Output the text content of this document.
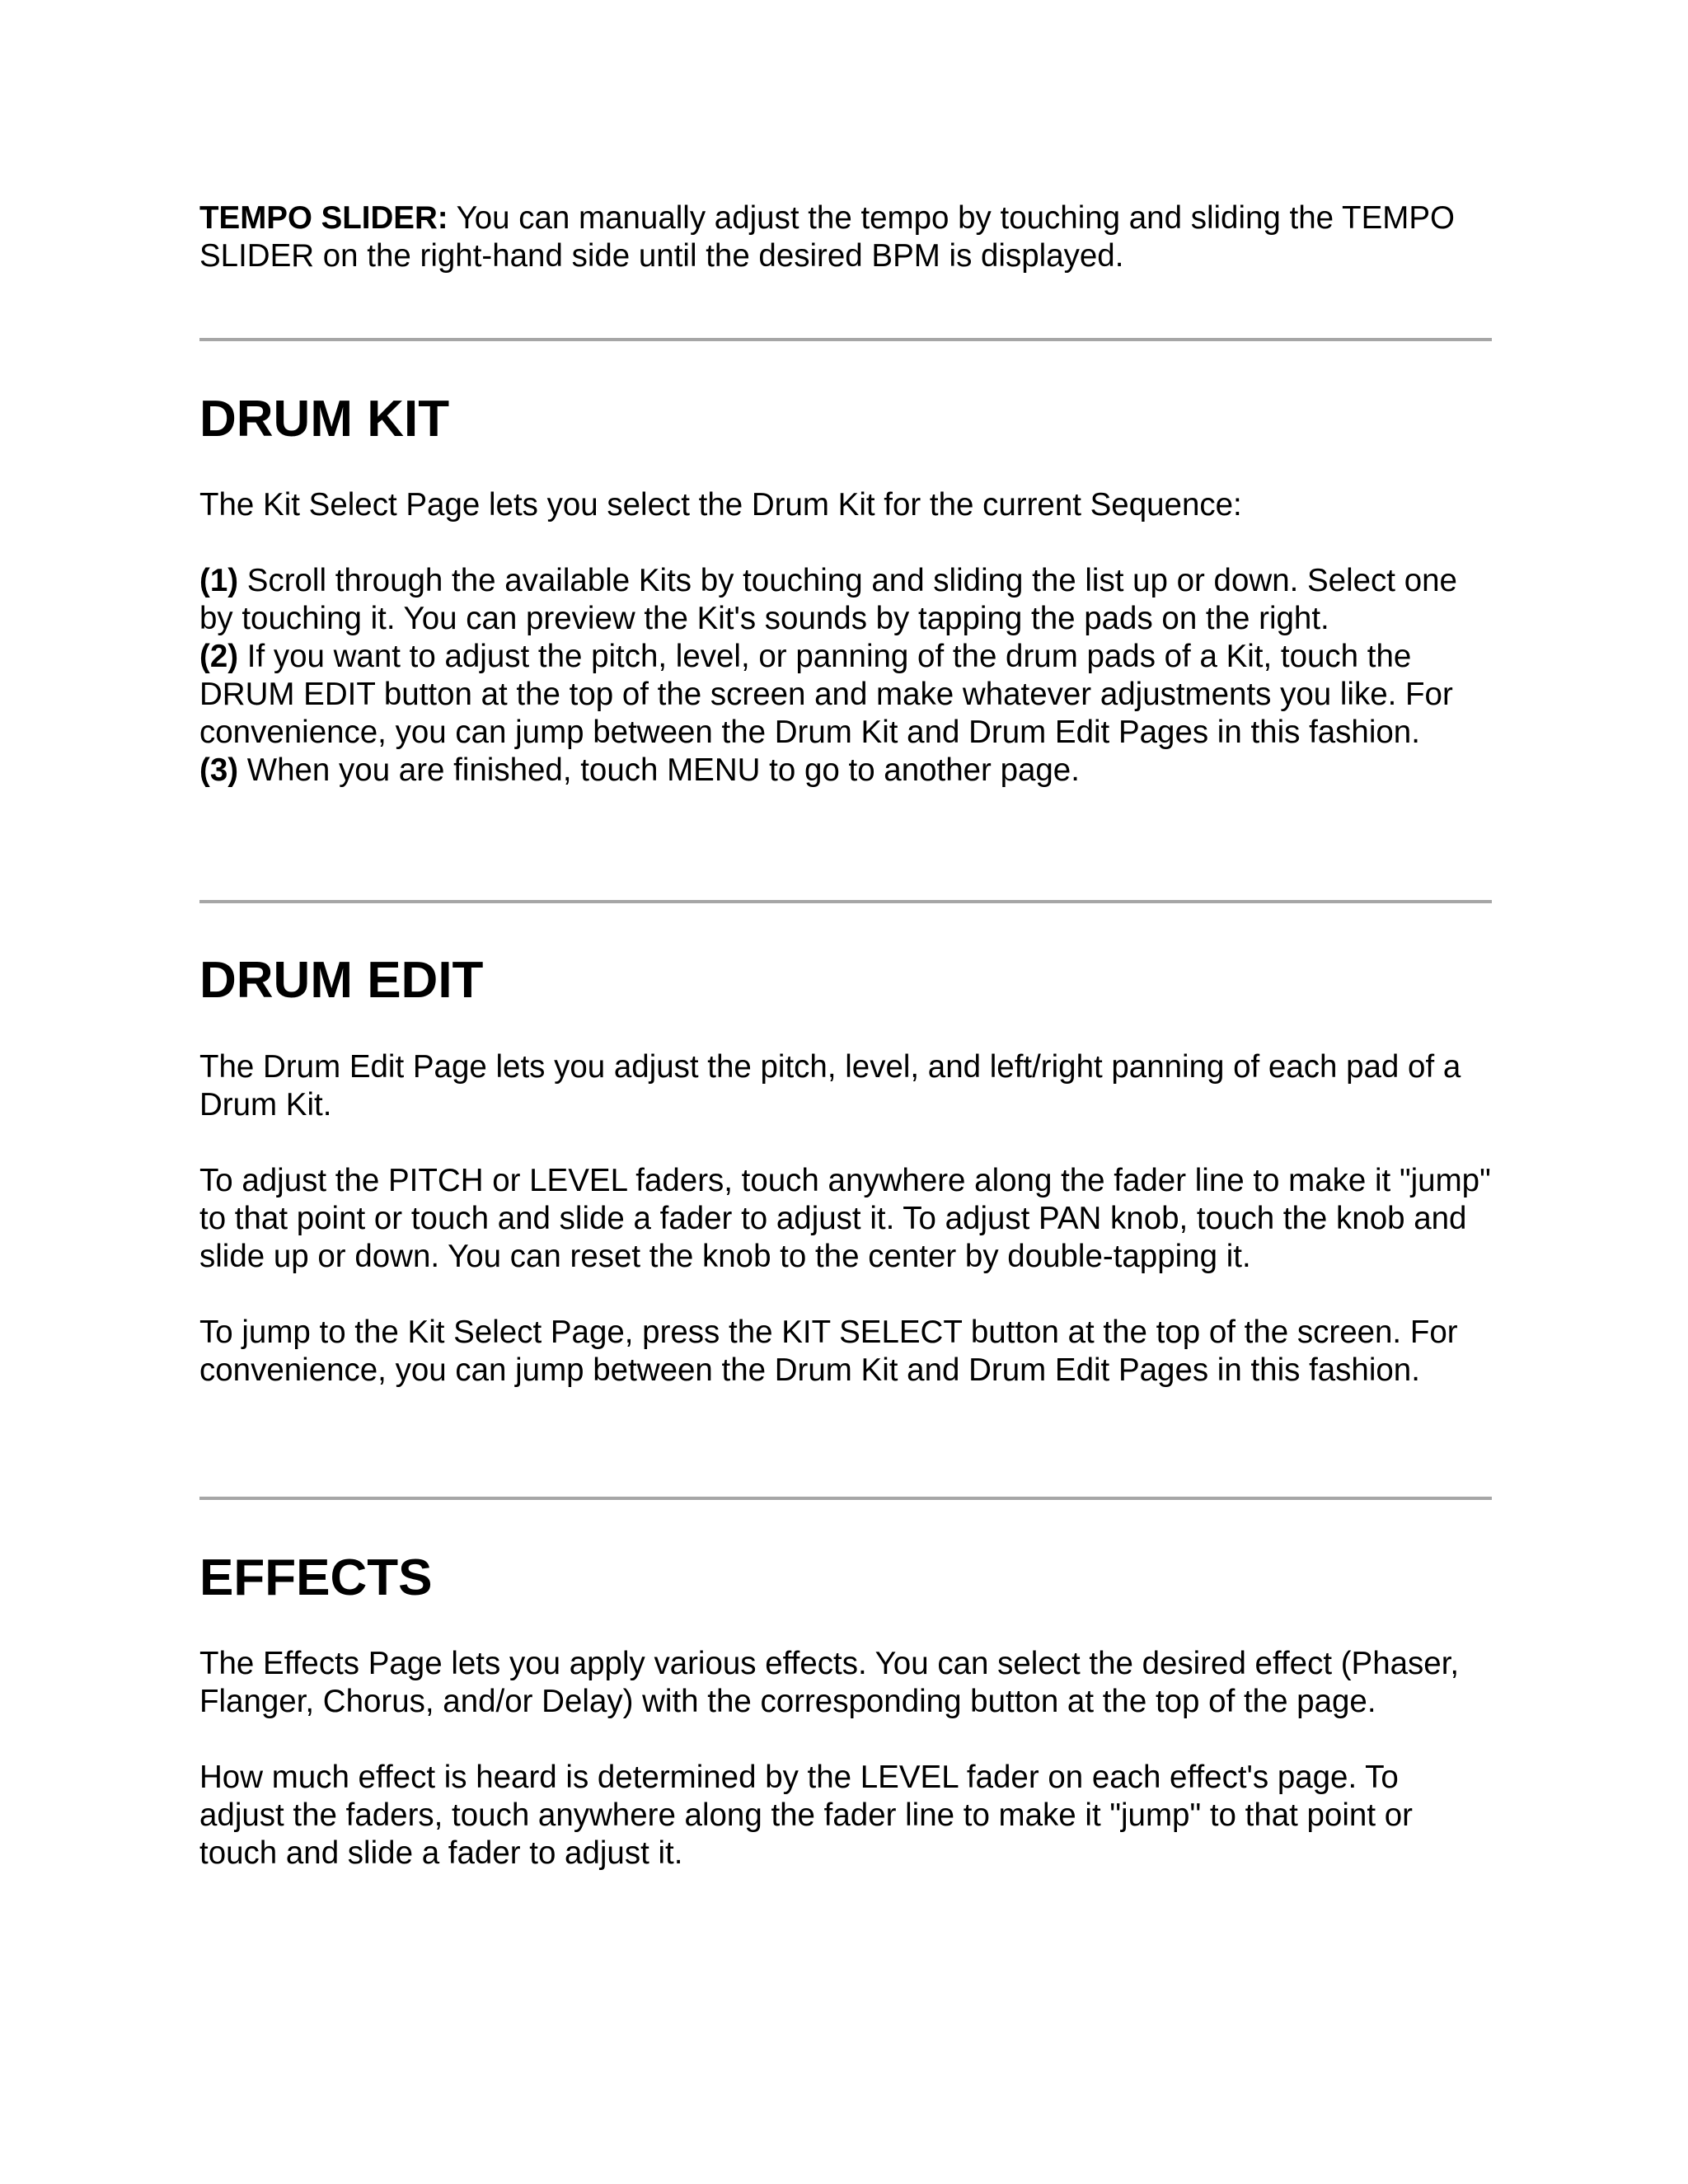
TEMPO SLIDER: You can manually adjust the tempo by touching and sliding the TEMPO SLIDER on the right-hand side until the desired BPM is displayed.

DRUM KIT

The Kit Select Page lets you select the Drum Kit for the current Sequence:

(1) Scroll through the available Kits by touching and sliding the list up or down. Select one by touching it. You can preview the Kit's sounds by tapping the pads on the right.

(2) If you want to adjust the pitch, level, or panning of the drum pads of a Kit, touch the DRUM EDIT button at the top of the screen and make whatever adjustments you like. For convenience, you can jump between the Drum Kit and Drum Edit Pages in this fashion.

(3) When you are finished, touch MENU to go to another page.

DRUM EDIT

The Drum Edit Page lets you adjust the pitch, level, and left/right panning of each pad of a Drum Kit.

To adjust the PITCH or LEVEL faders, touch anywhere along the fader line to make it "jump" to that point or touch and slide a fader to adjust it. To adjust PAN knob, touch the knob and slide up or down. You can reset the knob to the center by double-tapping it.

To jump to the Kit Select Page, press the KIT SELECT button at the top of the screen. For convenience, you can jump between the Drum Kit and Drum Edit Pages in this fashion.

EFFECTS

The Effects Page lets you apply various effects. You can select the desired effect (Phaser, Flanger, Chorus, and/or Delay) with the corresponding button at the top of the page.

How much effect is heard is determined by the LEVEL fader on each effect's page. To adjust the faders, touch anywhere along the fader line to make it "jump" to that point or touch and slide a fader to adjust it.
